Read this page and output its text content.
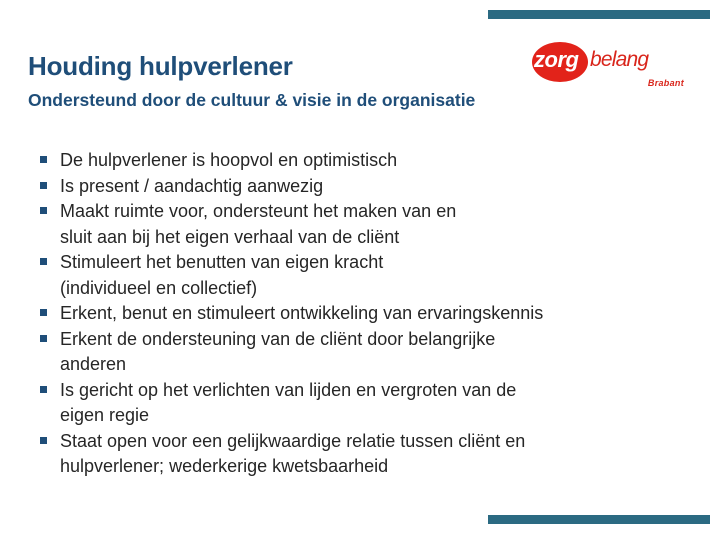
Houding hulpverlener
Ondersteund door de cultuur & visie in de organisatie
zorg belang
Brabant
De hulpverlener is hoopvol en optimistisch
Is present / aandachtig aanwezig
Maakt ruimte voor, ondersteunt het maken van en
sluit aan bij het eigen verhaal van de cliënt
Stimuleert het benutten van eigen kracht
(individueel en collectief)
Erkent, benut en stimuleert ontwikkeling van ervaringskennis
Erkent de ondersteuning van de cliënt door belangrijke
anderen
Is gericht op het verlichten van lijden en vergroten van de
eigen regie
Staat open voor een gelijkwaardige relatie tussen cliënt en
hulpverlener; wederkerige kwetsbaarheid
